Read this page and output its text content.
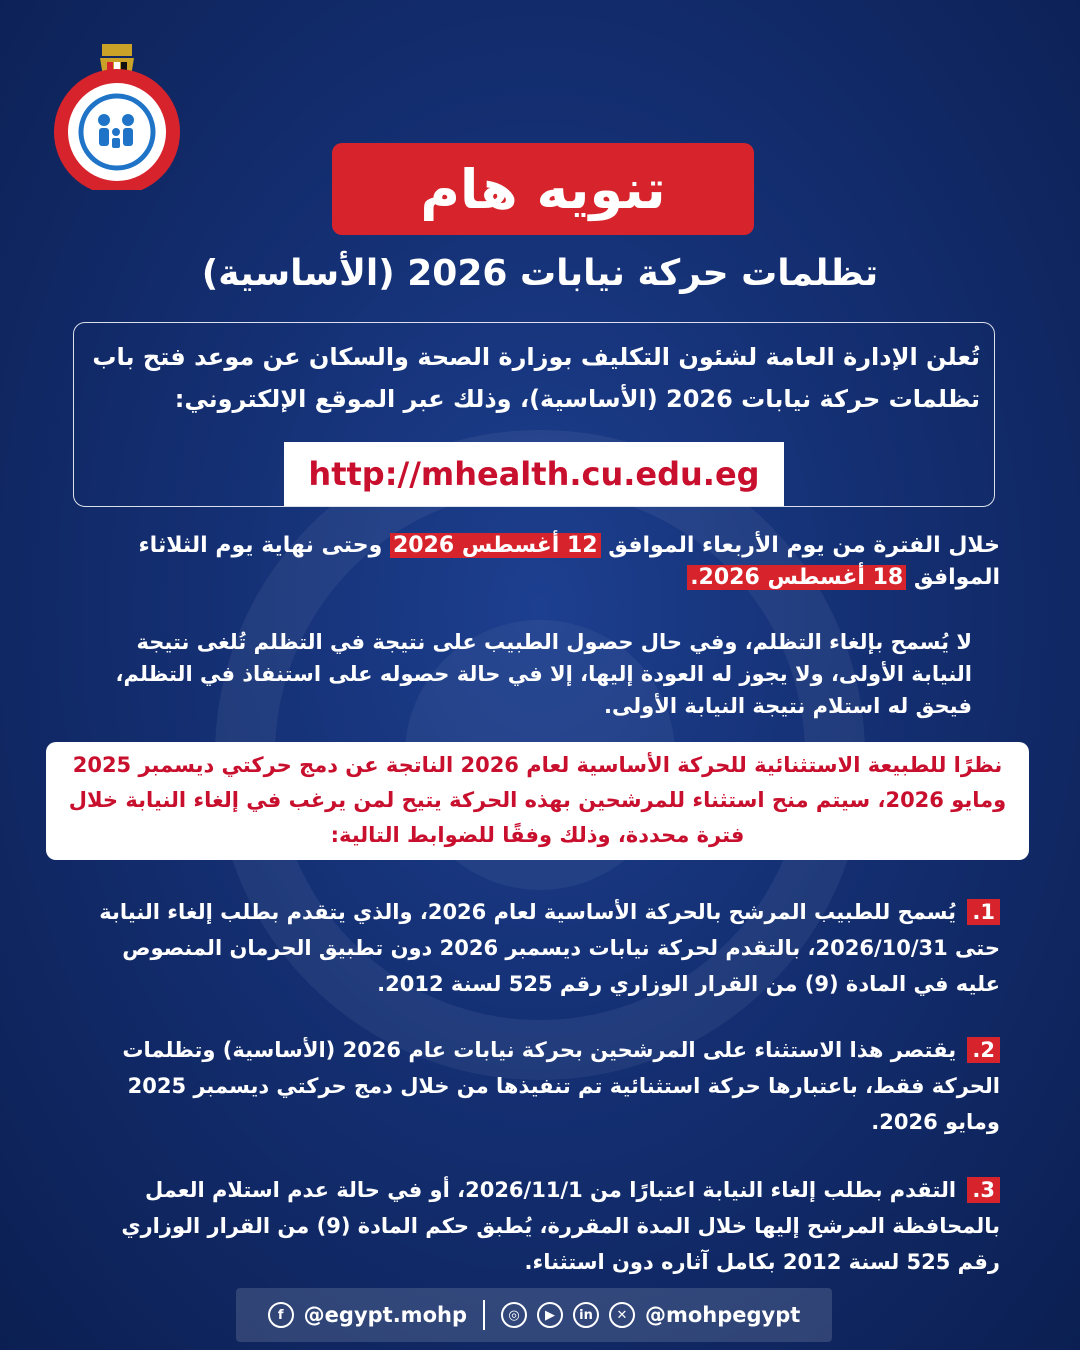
تنويه هام
تظلمات حركة نيابات 2026 (الأساسية)
تُعلن الإدارة العامة لشئون التكليف بوزارة الصحة والسكان عن موعد فتح باب تظلمات حركة نيابات 2026 (الأساسية)، وذلك عبر الموقع الإلكتروني:
http://mhealth.cu.edu.eg
خلال الفترة من يوم الأربعاء الموافق 12 أغسطس 2026 وحتى نهاية يوم الثلاثاء الموافق 18 أغسطس 2026.
لا يُسمح بإلغاء التظلم، وفي حال حصول الطبيب على نتيجة في التظلم تُلغى نتيجة النيابة الأولى، ولا يجوز له العودة إليها، إلا في حالة حصوله على استنفاذ في التظلم، فيحق له استلام نتيجة النيابة الأولى.
نظرًا للطبيعة الاستثنائية للحركة الأساسية لعام 2026 الناتجة عن دمج حركتي ديسمبر 2025 ومايو 2026، سيتم منح استثناء للمرشحين بهذه الحركة يتيح لمن يرغب في إلغاء النيابة خلال فترة محددة، وذلك وفقًا للضوابط التالية:
1. يُسمح للطبيب المرشح بالحركة الأساسية لعام 2026، والذي يتقدم بطلب إلغاء النيابة حتى 2026/10/31، بالتقدم لحركة نيابات ديسمبر 2026 دون تطبيق الحرمان المنصوص عليه في المادة (9) من القرار الوزاري رقم 525 لسنة 2012.
2. يقتصر هذا الاستثناء على المرشحين بحركة نيابات عام 2026 (الأساسية) وتظلمات الحركة فقط، باعتبارها حركة استثنائية تم تنفيذها من خلال دمج حركتي ديسمبر 2025 ومايو 2026.
3. التقدم بطلب إلغاء النيابة اعتبارًا من 2026/11/1، أو في حالة عدم استلام العمل بالمحافظة المرشح إليها خلال المدة المقررة، يُطبق حكم المادة (9) من القرار الوزاري رقم 525 لسنة 2012 بكامل آثاره دون استثناء.
f @egypt.mohp	◎	▶	in	✕ @mohpegypt
